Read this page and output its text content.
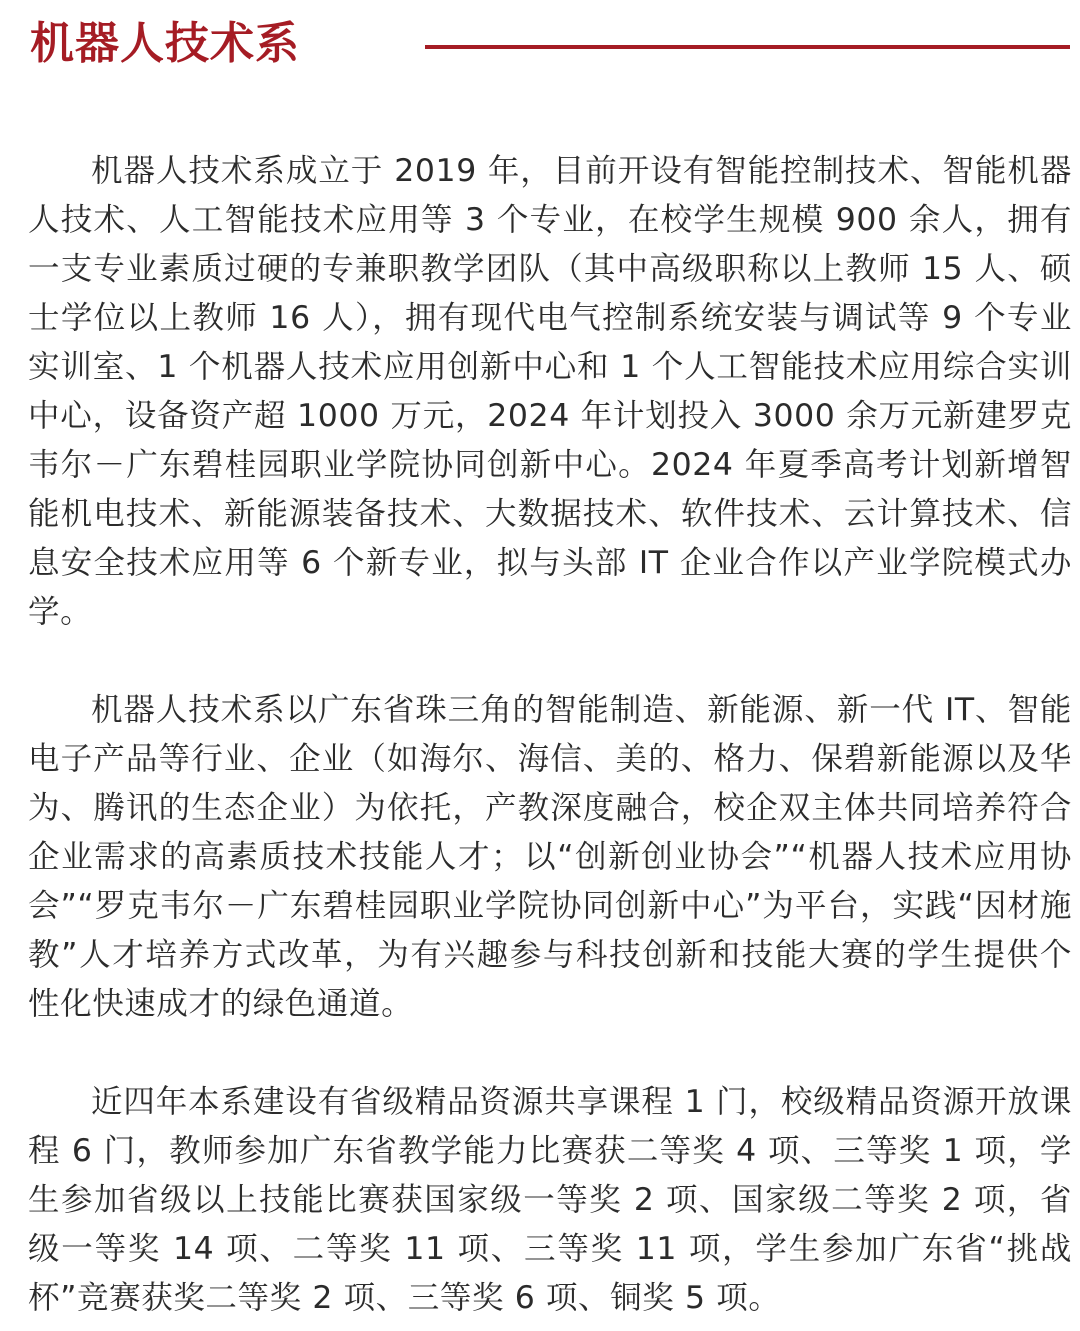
机器人技术系

机器人技术系成立于 2019 年，目前开设有智能控制技术、智能机器人技术、人工智能技术应用等 3 个专业，在校学生规模 900 余人，拥有一支专业素质过硬的专兼职教学团队（其中高级职称以上教师 15 人、硕士学位以上教师 16 人），拥有现代电气控制系统安装与调试等 9 个专业实训室、1 个机器人技术应用创新中心和 1 个人工智能技术应用综合实训中心，设备资产超 1000 万元，2024 年计划投入 3000 余万元新建罗克韦尔－广东碧桂园职业学院协同创新中心。2024 年夏季高考计划新增智能机电技术、新能源装备技术、大数据技术、软件技术、云计算技术、信息安全技术应用等 6 个新专业，拟与头部 IT 企业合作以产业学院模式办学。

机器人技术系以广东省珠三角的智能制造、新能源、新一代 IT、智能电子产品等行业、企业（如海尔、海信、美的、格力、保碧新能源以及华为、腾讯的生态企业）为依托，产教深度融合，校企双主体共同培养符合企业需求的高素质技术技能人才；以“创新创业协会”“机器人技术应用协会”“罗克韦尔－广东碧桂园职业学院协同创新中心”为平台，实践“因材施教”人才培养方式改革，为有兴趣参与科技创新和技能大赛的学生提供个性化快速成才的绿色通道。

近四年本系建设有省级精品资源共享课程 1 门，校级精品资源开放课程 6 门，教师参加广东省教学能力比赛获二等奖 4 项、三等奖 1 项，学生参加省级以上技能比赛获国家级一等奖 2 项、国家级二等奖 2 项，省级一等奖 14 项、二等奖 11 项、三等奖 11 项，学生参加广东省“挑战杯”竞赛获奖二等奖 2 项、三等奖 6 项、铜奖 5 项。
